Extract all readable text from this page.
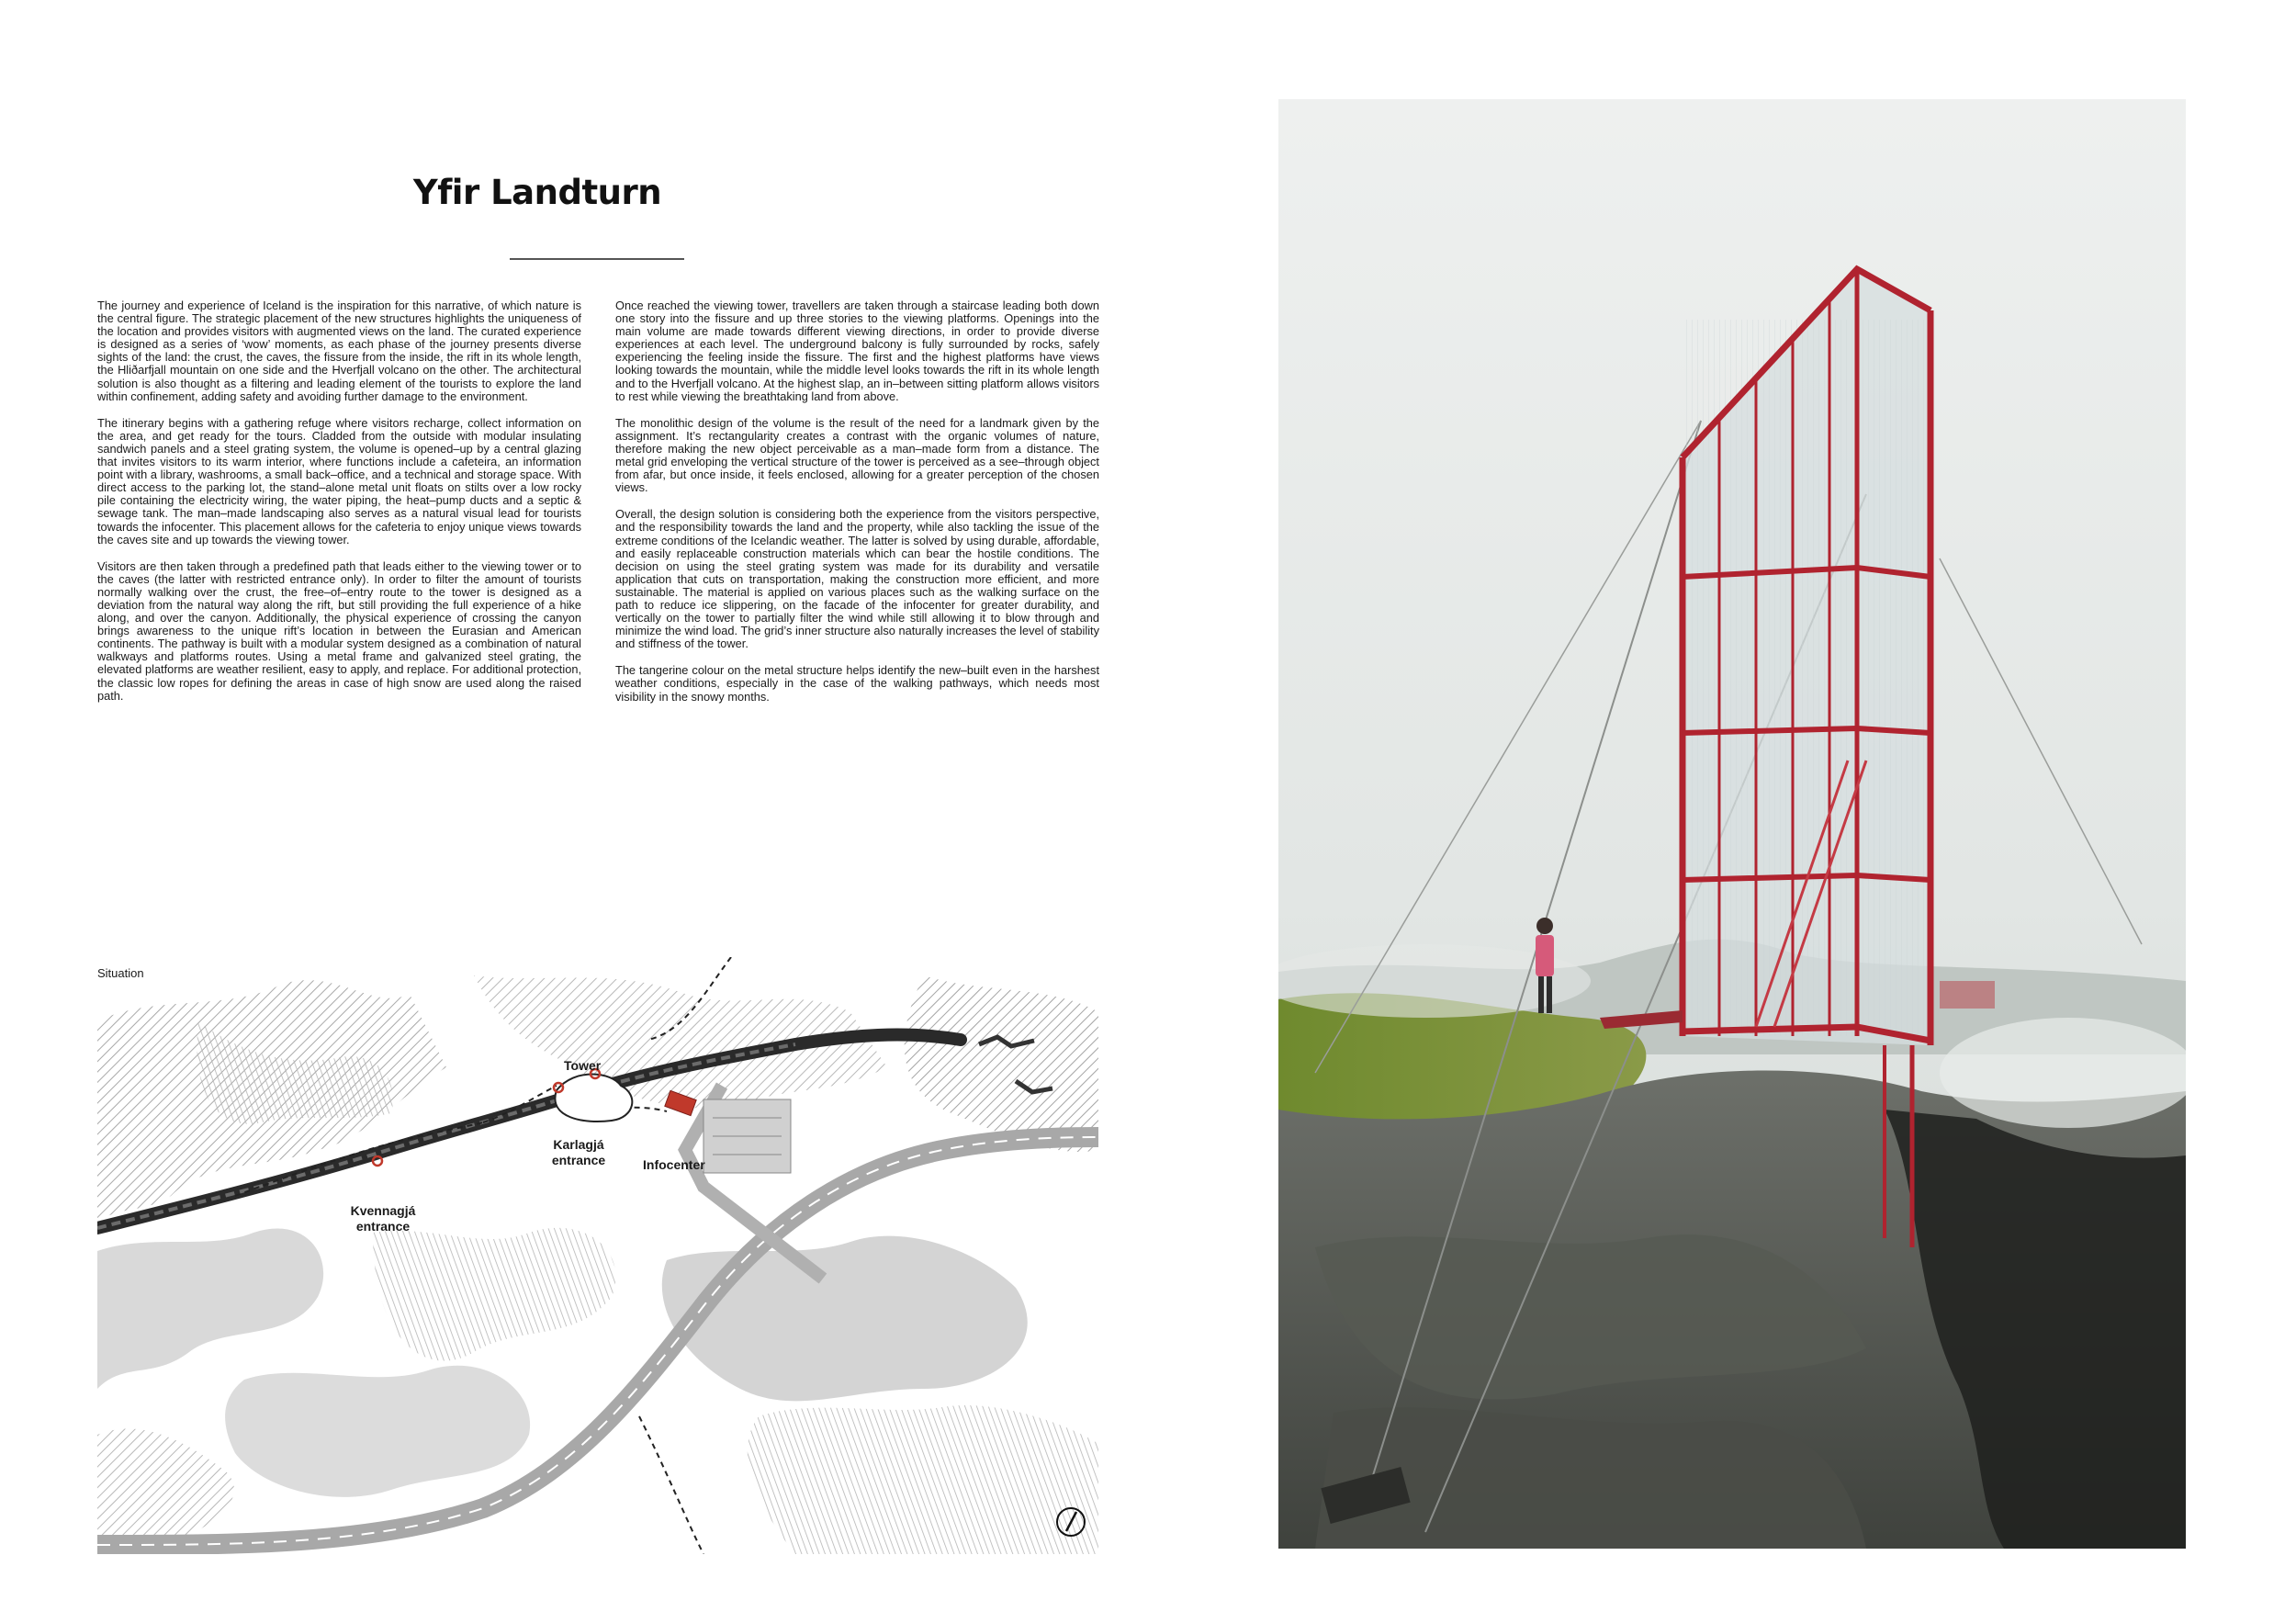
Yfir Landturn

The journey and experience of Iceland is the inspiration for this narrative, of which nature is the central figure. The strategic placement of the new structures highlights the uniqueness of the location and provides visitors with augmented views on the land. The curated experience is designed as a series of ‘wow’ moments, as each phase of the journey presents diverse sights of the land: the crust, the caves, the fissure from the inside, the rift in its whole length, the Hliðarfjall mountain on one side and the Hverfjall volcano on the other. The architectural solution is also thought as a filtering and leading element of the tourists to explore the land within confinement, adding safety and avoiding further damage to the environment.

The itinerary begins with a gathering refuge where visitors recharge, collect information on the area, and get ready for the tours. Cladded from the outside with modular insulating sandwich panels and a steel grating system, the volume is opened–up by a central glazing that invites visitors to its warm interior, where functions include a cafeteira, an information point with a library, washrooms, a small back–office, and a technical and storage space. With direct access to the parking lot, the stand–alone metal unit floats on stilts over a low rocky pile containing the electricity wiring, the water piping, the heat–pump ducts and a septic & sewage tank. The man–made landscaping also serves as a natural visual lead for tourists towards the infocenter. This placement allows for the cafeteria to enjoy unique views towards the caves site and up towards the viewing tower.

Visitors are then taken through a predefined path that leads either to the viewing tower or to the caves (the latter with restricted entrance only). In order to filter the amount of tourists normally walking over the crust, the free–of–entry route to the tower is designed as a deviation from the natural way along the rift, but still providing the full experience of a hike along, and over the canyon. Additionally, the physical experience of crossing the canyon brings awareness to the unique rift’s location in between the Eurasian and American continents. The pathway is built with a modular system designed as a combination of natural walkways and platforms routes. Using a metal frame and galvanized steel grating, the elevated platforms are weather resilient, easy to apply, and replace. For additional protection, the classic low ropes for defining the areas in case of high snow are used along the raised path.

Once reached the viewing tower, travellers are taken through a staircase leading both down one story into the fissure and up three stories to the viewing platforms. Openings into the main volume are made towards different viewing directions, in order to provide diverse experiences at each level. The underground balcony is fully surrounded by rocks, safely experiencing the feeling inside the fissure. The first and the highest platforms have views looking towards the mountain, while the middle level looks towards the rift in its whole length and to the Hverfjall volcano. At the highest slap, an in–between sitting platform allows visitors to rest while viewing the breathtaking land from above.

The monolithic design of the volume is the result of the need for a landmark given by the assignment. It’s rectangularity creates a contrast with the organic volumes of nature, therefore making the new object perceivable as a man–made form from a distance. The metal grid enveloping the vertical structure of the tower is perceived as a see–through object from afar, but once inside, it feels enclosed, allowing for a greater perception of the chosen views.

Overall, the design solution is considering both the experience from the visitors perspective, and the responsibility towards the land and the property, while also tackling the issue of the extreme conditions of the Icelandic weather. The latter is solved by using durable, affordable, and easily replaceable construction materials which can bear the hostile conditions. The decision on using the steel grating system was made for its durability and versatile application that cuts on transportation, making the construction more efficient, and more sustainable. The material is applied on various places such as the walking surface on the path to reduce ice slippering, on the facade of the infocenter for greater durability, and vertically on the tower to partially filter the wind while still allowing it to blow through and minimize the wind load. The grid’s inner structure also naturally increases the level of stability and stiffness of the tower.

The tangerine colour on the metal structure helps identify the new–built even in the harshest weather conditions, especially in the case of the walking pathways, which needs most visibility in the snowy months.

Situation
Tower
Infocenter
Karlagjá
entrance
Kvennagjá
entrance
